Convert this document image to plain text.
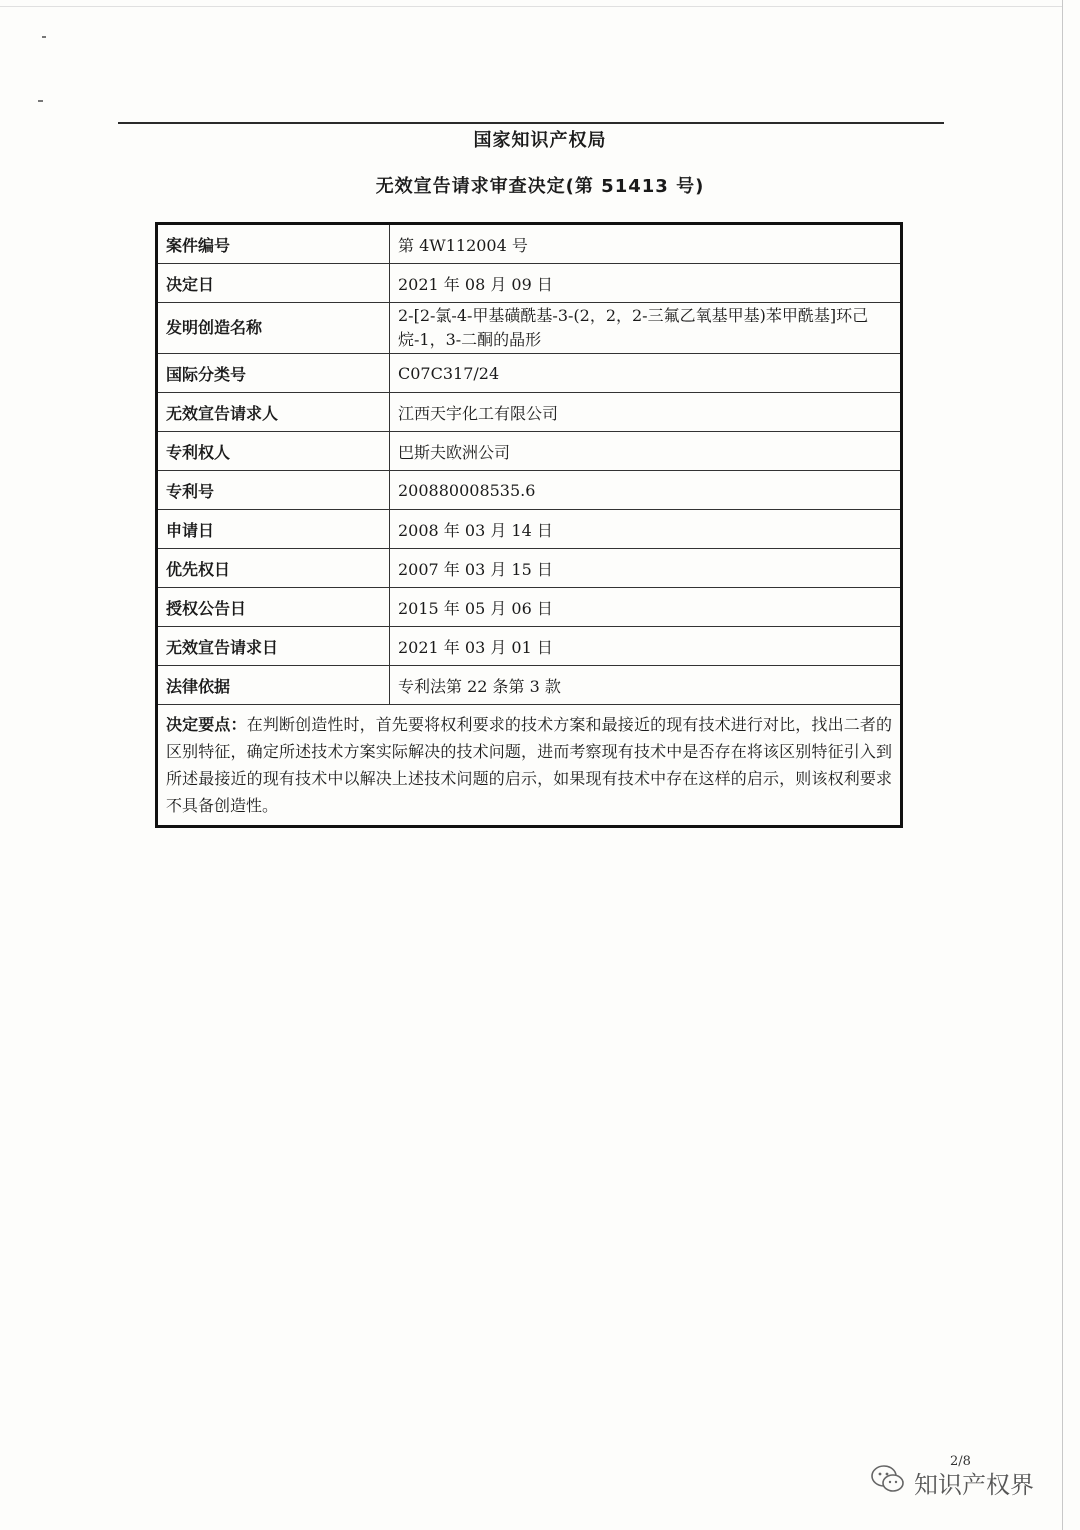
国家知识产权局
无效宣告请求审查决定(第 51413 号)
案件编号	第 4W112004 号
决定日	2021 年 08 月 09 日
发明创造名称	2-[2-氯-4-甲基磺酰基-3-(2，2，2-三氟乙氧基甲基)苯甲酰基]环己烷-1，3-二酮的晶形
国际分类号	C07C317/24
无效宣告请求人	江西天宇化工有限公司
专利权人	巴斯夫欧洲公司
专利号	200880008535.6
申请日	2008 年 03 月 14 日
优先权日	2007 年 03 月 15 日
授权公告日	2015 年 05 月 06 日
无效宣告请求日	2021 年 03 月 01 日
法律依据	专利法第 22 条第 3 款
决定要点：在判断创造性时，首先要将权利要求的技术方案和最接近的现有技术进行对比，找出二者的区别特征，确定所述技术方案实际解决的技术问题，进而考察现有技术中是否存在将该区别特征引入到所述最接近的现有技术中以解决上述技术问题的启示，如果现有技术中存在这样的启示，则该权利要求不具备创造性。	
2/8
知识产权界
